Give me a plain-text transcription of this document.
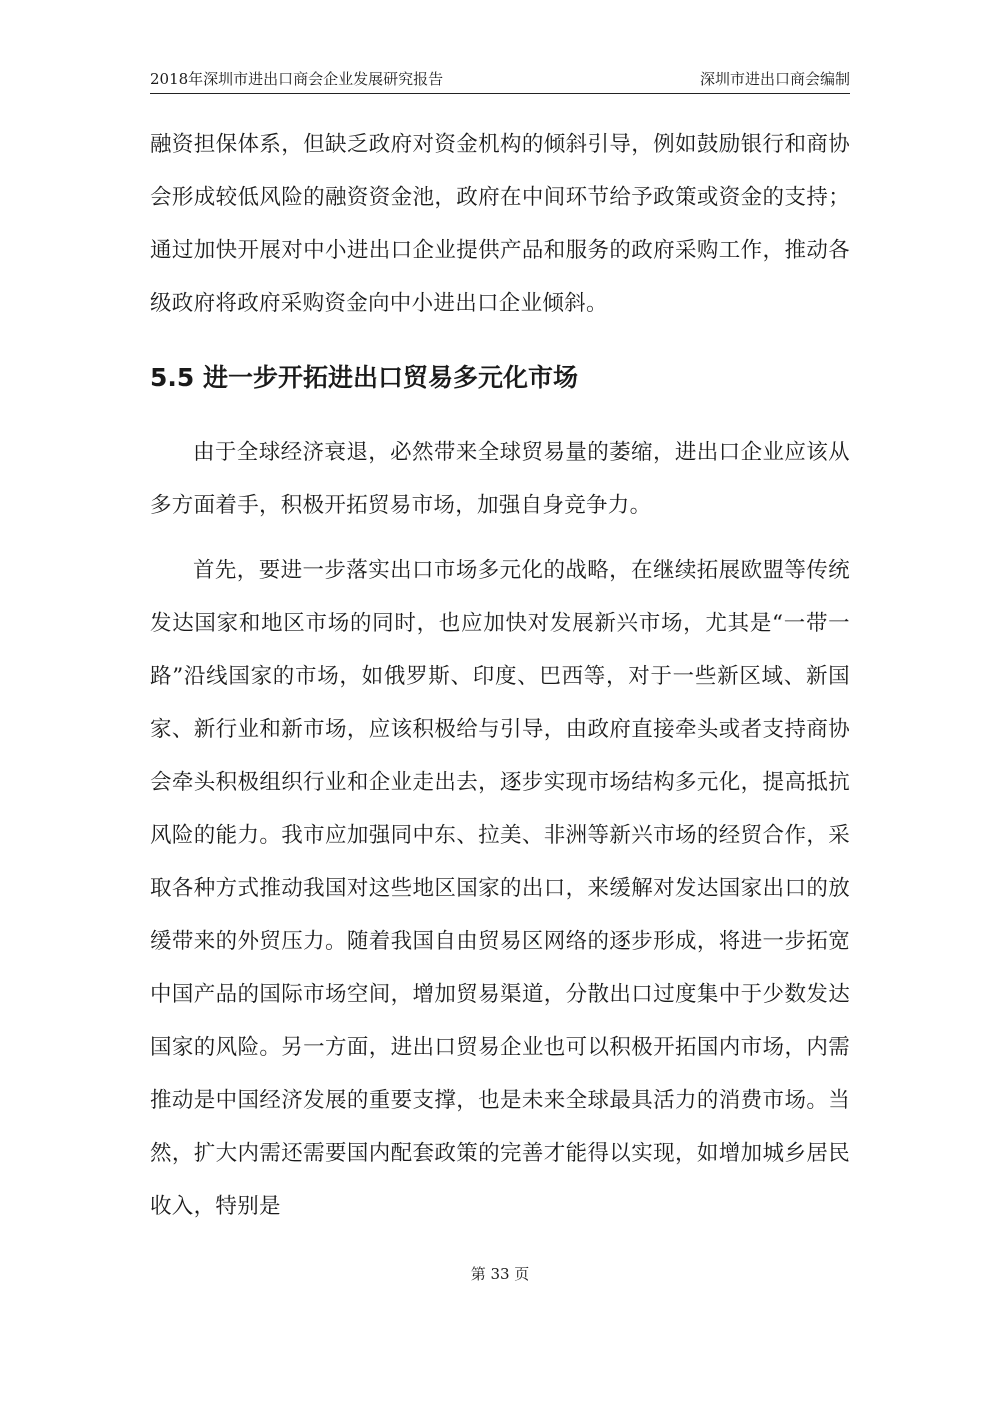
2018年深圳市进出口商会企业发展研究报告	深圳市进出口商会编制

融资担保体系，但缺乏政府对资金机构的倾斜引导，例如鼓励银行和商协会形成较低风险的融资资金池，政府在中间环节给予政策或资金的支持；通过加快开展对中小进出口企业提供产品和服务的政府采购工作，推动各级政府将政府采购资金向中小进出口企业倾斜。

5.5 进一步开拓进出口贸易多元化市场

由于全球经济衰退，必然带来全球贸易量的萎缩，进出口企业应该从多方面着手，积极开拓贸易市场，加强自身竞争力。

首先，要进一步落实出口市场多元化的战略，在继续拓展欧盟等传统发达国家和地区市场的同时，也应加快对发展新兴市场，尤其是“一带一路”沿线国家的市场，如俄罗斯、印度、巴西等，对于一些新区域、新国家、新行业和新市场，应该积极给与引导，由政府直接牵头或者支持商协会牵头积极组织行业和企业走出去，逐步实现市场结构多元化，提高抵抗风险的能力。我市应加强同中东、拉美、非洲等新兴市场的经贸合作，采取各种方式推动我国对这些地区国家的出口，来缓解对发达国家出口的放缓带来的外贸压力。随着我国自由贸易区网络的逐步形成，将进一步拓宽中国产品的国际市场空间，增加贸易渠道，分散出口过度集中于少数发达国家的风险。另一方面，进出口贸易企业也可以积极开拓国内市场，内需推动是中国经济发展的重要支撑，也是未来全球最具活力的消费市场。当然，扩大内需还需要国内配套政策的完善才能得以实现，如增加城乡居民收入，特别是

第 33 页
